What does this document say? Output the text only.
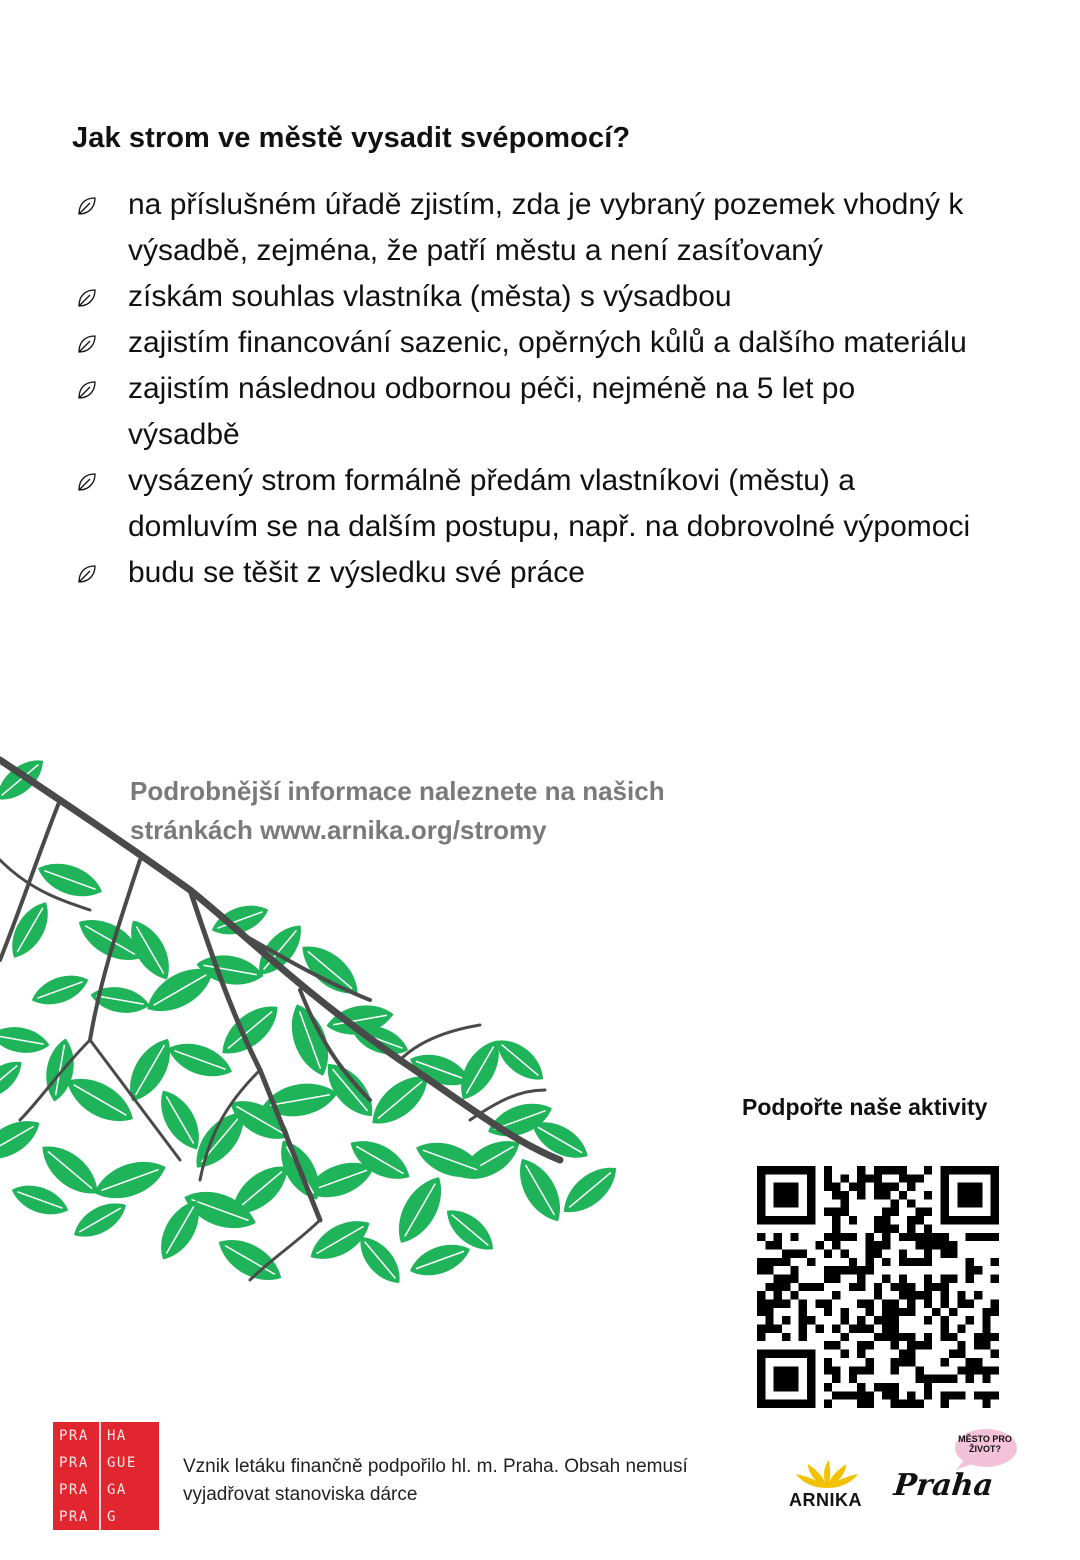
Jak strom ve městě vysadit svépomocí?
na příslušném úřadě zjistím, zda je vybraný pozemek vhodný k výsadbě, zejména, že patří městu a není zasíťovaný
získám souhlas vlastníka (města) s výsadbou
zajistím financování sazenic, opěrných kůlů a dalšího materiálu
zajistím následnou odbornou péči, nejméně na 5 let po výsadbě
vysázený strom formálně předám vlastníkovi (městu) a domluvím se na dalším postupu, např. na dobrovolné výpomoci
budu se těšit z výsledku své práce
Podrobnější informace naleznete na našich stránkách www.arnika.org/stromy
Podpořte naše aktivity
PRA	HA
PRA	GUE
PRA	GA
PRA	G
Vznik letáku finančně podpořilo hl. m. Praha. Obsah nemusí vyjadřovat stanoviska dárce	ARNIKA Praha
MĚSTO PRO ŽIVOT?
